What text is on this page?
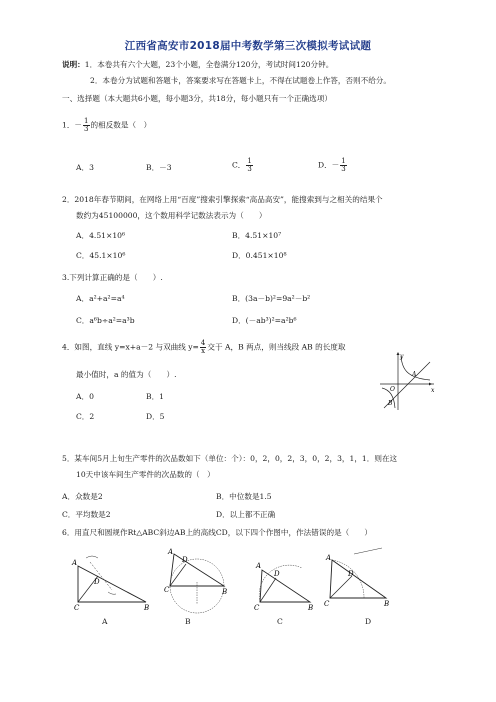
江西省高安市2018届中考数学第三次模拟考试试题
说明：1．本卷共有六个大题，23个小题，全卷满分120分，考试时间120分钟。
2．本卷分为试题和答题卡，答案要求写在答题卡上，不得在试题卷上作答，否则不给分。
一、选择题（本大题共6小题，每小题3分，共18分，每小题只有一个正确选项）
1．－ $\frac{1}{3}$ 的相反数是（　）
A．3	B．－3	C． $\frac{1}{3}$	D．－ $\frac{1}{3}$
2．2018年春节期间，在网络上用“百度”搜索引擎探索“高品高安”，能搜索到与之相关的结果个
数约为45100000，这个数用科学记数法表示为（　　）
A．4.51×10⁶	B．4.51×10⁷
C．45.1×10⁶	D．0.451×10⁸
3.下列计算正确的是（　　）.
A．a²+a²=a⁴	B．(3a－b)²=9a²－b²
C．a⁶b÷a²=a³b	D．(－ab³)²=a²b⁶
4．如图，直线 y=x+a－2 与双曲线 $y= \frac{4}{x}$ 交于 A，B 两点，则当线段 AB 的长度取
最小值时，a 的值为（　　）.
A．0	B．1
C．2	D．5
y
x
O
A
B
5．某车间5月上旬生产零件的次品数如下（单位：个）：0，2，0，2，3，0，2，3，1，1．则在这
10天中该车间生产零件的次品数的（　）
A．众数是2	B．中位数是1.5
C．平均数是2	D．以上都不正确
6．用直尺和圆规作Rt△ABC斜边AB上的高线CD，以下四个作图中，作法错误的是（　　）
A
D
C	B
A
D
C	B
A
D
C	B
A
D
C	B
A	B	C	D
